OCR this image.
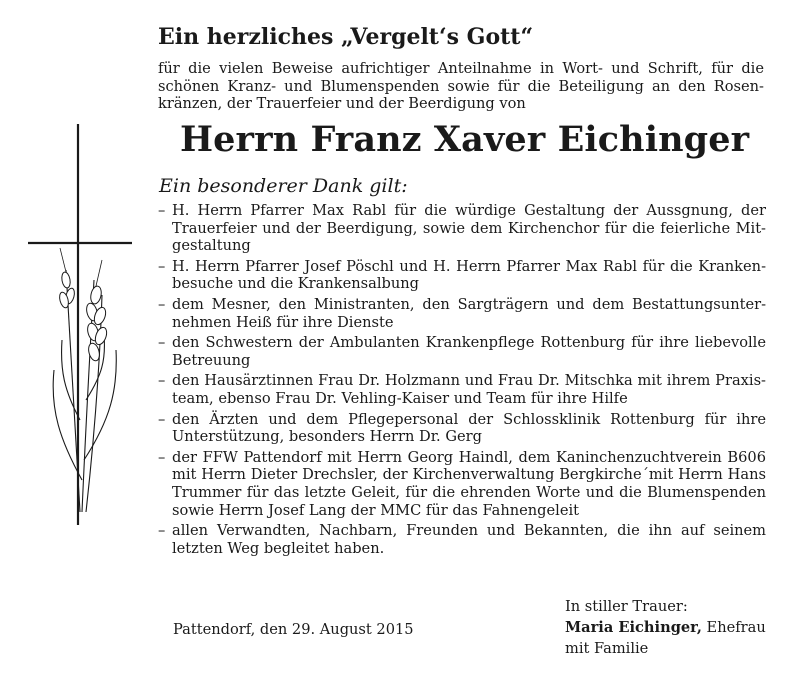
Ein herzliches „Vergelt‘s Gott“
für die vielen Beweise aufrichtiger Anteilnahme in Wort- und Schrift, für die
schönen Kranz- und Blumenspenden sowie für die Beteiligung an den Rosen-
kränzen, der Trauerfeier und der Beerdigung von
Herrn Franz Xaver Eichinger
Ein besonderer Dank gilt:
– H. Herrn Pfarrer Max Rabl für die würdige Gestaltung der Aussgnung, der
Trauerfeier und der Beerdigung, sowie dem Kirchenchor für die feierliche Mit-
gestaltung
– H. Herrn Pfarrer Josef Pöschl und H. Herrn Pfarrer Max Rabl für die Kranken-
besuche und die Krankensalbung
– dem Mesner, den Ministranten, den Sargträgern und dem Bestattungsunter-
nehmen Heiß für ihre Dienste
– den Schwestern der Ambulanten Krankenpflege Rottenburg für ihre liebevolle
Betreuung
– den Hausärztinnen Frau Dr. Holzmann und Frau Dr. Mitschka mit ihrem Praxis-
team, ebenso Frau Dr. Vehling-Kaiser und Team für ihre Hilfe
– den Ärzten und dem Pflegepersonal der Schlossklinik Rottenburg für ihre
Unterstützung, besonders Herrn Dr. Gerg
– der FFW Pattendorf mit Herrn Georg Haindl, dem Kaninchenzuchtverein B606
mit Herrn Dieter Drechsler, der Kirchenverwaltung Bergkirche´mit Herrn Hans
Trummer für das letzte Geleit, für die ehrenden Worte und die Blumenspenden
sowie Herrn Josef Lang der MMC für das Fahnengeleit
– allen Verwandten, Nachbarn, Freunden und Bekannten, die ihn auf seinem
letzten Weg begleitet haben.
Pattendorf, den 29. August 2015
In stiller Trauer:
Maria Eichinger, Ehefrau
mit Familie
